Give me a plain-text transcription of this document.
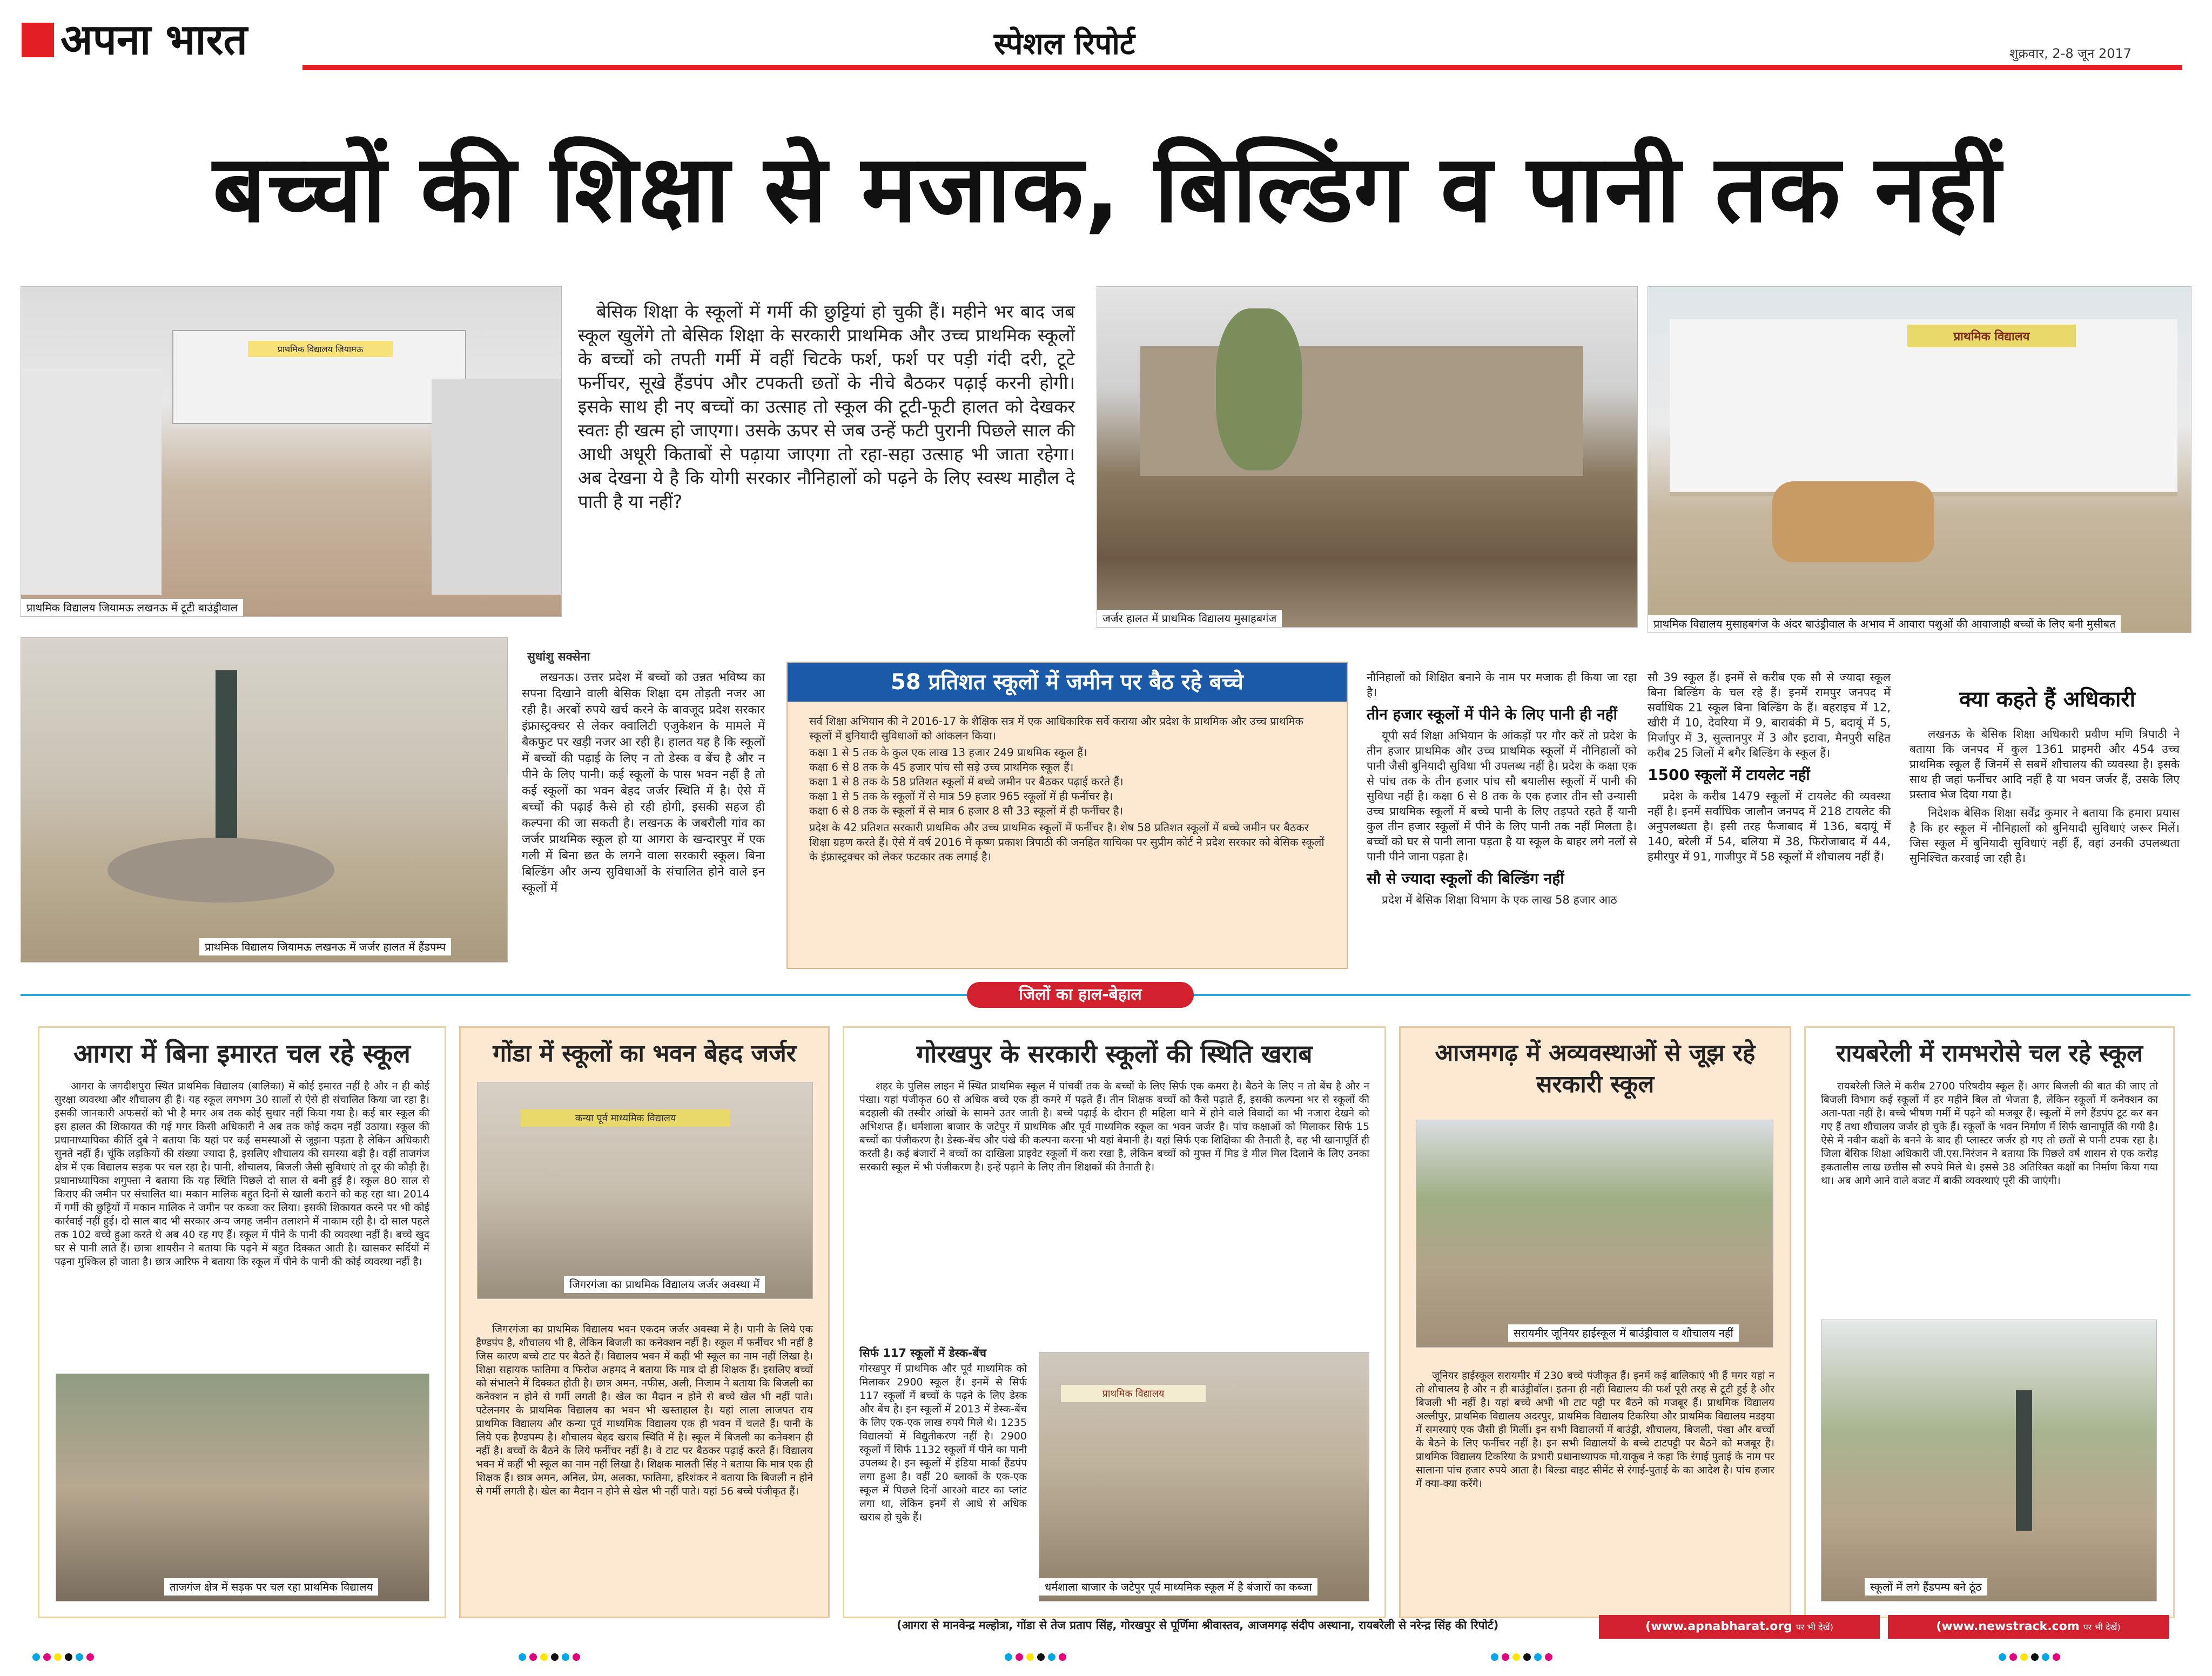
अपना भारत	स्पेशल रिपोर्ट	शुक्रवार, 2-8 जून 2017
बच्चों की शिक्षा से मजाक, बिल्डिंग व पानी तक नहीं
प्राथमिक विद्यालय जियामऊ
प्राथमिक विद्यालय जियामऊ लखनऊ में टूटी बाउंड्रीवाल

बेसिक शिक्षा के स्कूलों में गर्मी की छुट्टियां हो चुकी हैं। महीने भर बाद जब स्कूल खुलेंगे तो बेसिक शिक्षा के सरकारी प्राथमिक और उच्च प्राथमिक स्कूलों के बच्चों को तपती गर्मी में वहीं चिटके फर्श, फर्श पर पड़ी गंदी दरी, टूटे फर्नीचर, सूखे हैंडपंप और टपकती छतों के नीचे बैठकर पढ़ाई करनी होगी। इसके साथ ही नए बच्चों का उत्साह तो स्कूल की टूटी-फूटी हालत को देखकर स्वतः ही खत्म हो जाएगा। उसके ऊपर से जब उन्हें फटी पुरानी पिछले साल की आधी अधूरी किताबों से पढ़ाया जाएगा तो रहा-सहा उत्साह भी जाता रहेगा। अब देखना ये है कि योगी सरकार नौनिहालों को पढ़ने के लिए स्वस्थ माहौल दे पाती है या नहीं?

जर्जर हालत में प्राथमिक विद्यालय मुसाहबगंज
प्राथमिक विद्यालय
प्राथमिक विद्यालय मुसाहबगंज के अंदर बाउंड्रीवाल के अभाव में आवारा पशुओं की आवाजाही बच्चों के लिए बनी मुसीबत
प्राथमिक विद्यालय जियामऊ लखनऊ में जर्जर हालत में हैंडपम्प
सुधांशु सक्सेना

लखनऊ। उत्तर प्रदेश में बच्चों को उन्नत भविष्य का सपना दिखाने वाली बेसिक शिक्षा दम तोड़ती नजर आ रही है। अरबों रुपये खर्च करने के बावजूद प्रदेश सरकार इंफ्रास्ट्रक्चर से लेकर क्वालिटी एजुकेशन के मामले में बैकफुट पर खड़ी नजर आ रही है। हालत यह है कि स्कूलों में बच्चों की पढ़ाई के लिए न तो डेस्क व बेंच है और न पीने के लिए पानी। कई स्कूलों के पास भवन नहीं है तो कई स्कूलों का भवन बेहद जर्जर स्थिति में है। ऐसे में बच्चों की पढ़ाई कैसे हो रही होगी, इसकी सहज ही कल्पना की जा सकती है। लखनऊ के जबरौली गांव का जर्जर प्राथमिक स्कूल हो या आगरा के खन्दारपुर में एक गली में बिना छत के लगने वाला सरकारी स्कूल। बिना बिल्डिंग और अन्य सुविधाओं के संचालित होने वाले इन स्कूलों में

58 प्रतिशत स्कूलों में जमीन पर बैठ रहे बच्चे
सर्व शिक्षा अभियान की ने 2016-17 के शैक्षिक सत्र में एक आधिकारिक सर्वे कराया और प्रदेश के प्राथमिक और उच्च प्राथमिक स्कूलों में बुनियादी सुविधाओं को आंकलन किया।
कक्षा 1 से 5 तक के कुल एक लाख 13 हजार 249 प्राथमिक स्कूल हैं।
कक्षा 6 से 8 तक के 45 हजार पांच सौ सड़े उच्च प्राथमिक स्कूल हैं।
कक्षा 1 से 8 तक के 58 प्रतिशत स्कूलों में बच्चे जमीन पर बैठकर पढ़ाई करते हैं।
कक्षा 1 से 5 तक के स्कूलों में से मात्र 59 हजार 965 स्कूलों में ही फर्नीचर है।
कक्षा 6 से 8 तक के स्कूलों में से मात्र 6 हजार 8 सौ 33 स्कूलों में ही फर्नीचर है।
प्रदेश के 42 प्रतिशत सरकारी प्राथमिक और उच्च प्राथमिक स्कूलों में फर्नीचर है। शेष 58 प्रतिशत स्कूलों में बच्चे जमीन पर बैठकर शिक्षा ग्रहण करते हैं। ऐसे में वर्ष 2016 में कृष्ण प्रकाश त्रिपाठी की जनहित याचिका पर सुप्रीम कोर्ट ने प्रदेश सरकार को बेसिक स्कूलों के इंफ्रास्ट्रक्चर को लेकर फटकार तक लगाई है।
नौनिहालों को शिक्षित बनाने के नाम पर मजाक ही किया जा रहा है।
तीन हजार स्कूलों में पीने के लिए पानी ही नहीं
यूपी सर्व शिक्षा अभियान के आंकड़ों पर गौर करें तो प्रदेश के तीन हजार प्राथमिक और उच्च प्राथमिक स्कूलों में नौनिहालों को पानी जैसी बुनियादी सुविधा भी उपलब्ध नहीं है। प्रदेश के कक्षा एक से पांच तक के तीन हजार पांच सौ बयालीस स्कूलों में पानी की सुविधा नहीं है। कक्षा 6 से 8 तक के एक हजार तीन सौ उन्यासी उच्च प्राथमिक स्कूलों में बच्चे पानी के लिए तड़पते रहते हैं यानी कुल तीन हजार स्कूलों में पीने के लिए पानी तक नहीं मिलता है। बच्चों को घर से पानी लाना पड़ता है या स्कूल के बाहर लगे नलों से पानी पीने जाना पड़ता है।
सौ से ज्यादा स्कूलों की बिल्डिंग नहीं
प्रदेश में बेसिक शिक्षा विभाग के एक लाख 58 हजार आठ
सौ 39 स्कूल हैं। इनमें से करीब एक सौ से ज्यादा स्कूल बिना बिल्डिंग के चल रहे हैं। इनमें रामपुर जनपद में सर्वाधिक 21 स्कूल बिना बिल्डिंग के हैं। बहराइच में 12, खीरी में 10, देवरिया में 9, बाराबंकी में 5, बदायूं में 5, मिर्जापुर में 3, सुल्तानपुर में 3 और इटावा, मैनपुरी सहित करीब 25 जिलों में बगैर बिल्डिंग के स्कूल हैं।
1500 स्कूलों में टायलेट नहीं
प्रदेश के करीब 1479 स्कूलों में टायलेट की व्यवस्था नहीं है। इनमें सर्वाधिक जालौन जनपद में 218 टायलेट की अनुपलब्धता है। इसी तरह फैजाबाद में 136, बदायूं में 140, बरेली में 54, बलिया में 38, फिरोजाबाद में 44, हमीरपुर में 91, गाजीपुर में 58 स्कूलों में शौचालय नहीं हैं।
क्या कहते हैं अधिकारी

लखनऊ के बेसिक शिक्षा अधिकारी प्रवीण मणि त्रिपाठी ने बताया कि जनपद में कुल 1361 प्राइमरी और 454 उच्च प्राथमिक स्कूल हैं जिनमें से सबमें शौचालय की व्यवस्था है। इसके साथ ही जहां फर्नीचर आदि नहीं है या भवन जर्जर हैं, उसके लिए प्रस्ताव भेज दिया गया है।

निदेशक बेसिक शिक्षा सर्वेंद्र कुमार ने बताया कि हमारा प्रयास है कि हर स्कूल में नौनिहालों को बुनियादी सुविधाएं जरूर मिलें। जिस स्कूल में बुनियादी सुविधाएं नहीं हैं, वहां उनकी उपलब्धता सुनिश्चित करवाई जा रही है।

जिलों का हाल-बेहाल
आगरा में बिना इमारत चल रहे स्कूल

आगरा के जगदीशपुरा स्थित प्राथमिक विद्यालय (बालिका) में कोई इमारत नहीं है और न ही कोई सुरक्षा व्यवस्था और शौचालय ही है। यह स्कूल लगभग 30 सालों से ऐसे ही संचालित किया जा रहा है। इसकी जानकारी अफसरों को भी है मगर अब तक कोई सुधार नहीं किया गया है। कई बार स्कूल की इस हालत की शिकायत की गई मगर किसी अधिकारी ने अब तक कोई कदम नहीं उठाया। स्कूल की प्रधानाध्यापिका कीर्ति दुबे ने बताया कि यहां पर कई समस्याओं से जूझना पड़ता है लेकिन अधिकारी सुनते नहीं हैं। चूंकि लड़कियों की संख्या ज्यादा है, इसलिए शौचालय की समस्या बड़ी है। वहीं ताजगंज क्षेत्र में एक विद्यालय सड़क पर चल रहा है। पानी, शौचालय, बिजली जैसी सुविधाएं तो दूर की कौड़ी हैं। प्रधानाध्यापिका शगुफ्ता ने बताया कि यह स्थिति पिछले दो साल से बनी हुई है। स्कूल 80 साल से किराए की जमीन पर संचालित था। मकान मालिक बहुत दिनों से खाली कराने को कह रहा था। 2014 में गर्मी की छुट्टियों में मकान मालिक ने जमीन पर कब्जा कर लिया। इसकी शिकायत करने पर भी कोई कार्रवाई नहीं हुई। दो साल बाद भी सरकार अन्य जगह जमीन तलाशने में नाकाम रही है। दो साल पहले तक 102 बच्चे हुआ करते थे अब 40 रह गए हैं। स्कूल में पीने के पानी की व्यवस्था नहीं है। बच्चे खुद घर से पानी लाते हैं। छात्रा शायरीन ने बताया कि पढ़ने में बहुत दिक्कत आती है। खासकर सर्दियों में पढ़ना मुश्किल हो जाता है। छात्र आरिफ ने बताया कि स्कूल में पीने के पानी की कोई व्यवस्था नहीं है।

ताजगंज क्षेत्र में सड़क पर चल रहा प्राथमिक विद्यालय
गोंडा में स्कूलों का भवन बेहद जर्जर
कन्या पूर्व माध्यमिक विद्यालय
जिगरगंजा का प्राथमिक विद्यालय जर्जर अवस्था में

जिगरगंजा का प्राथमिक विद्यालय भवन एकदम जर्जर अवस्था में है। पानी के लिये एक हैण्डपंप है, शौचालय भी है, लेकिन बिजली का कनेक्शन नहीं है। स्कूल में फर्नीचर भी नहीं है जिस कारण बच्चे टाट पर बैठते हैं। विद्यालय भवन में कहीं भी स्कूल का नाम नहीं लिखा है। शिक्षा सहायक फातिमा व फिरोज अहमद ने बताया कि मात्र दो ही शिक्षक हैं। इसलिए बच्चों को संभालने में दिक्कत होती है। छात्र अमन, नफीस, अली, निजाम ने बताया कि बिजली का कनेक्शन न होने से गर्मी लगती है। खेल का मैदान न होने से बच्चे खेल भी नहीं पाते। पटेलनगर के प्राथमिक विद्यालय का भवन भी खस्ताहाल है। यहां लाला लाजपत राय प्राथमिक विद्यालय और कन्या पूर्व माध्यमिक विद्यालय एक ही भवन में चलते हैं। पानी के लिये एक हैण्डपम्प है। शौचालय बेहद खराब स्थिति में है। स्कूल में बिजली का कनेक्शन ही नहीं है। बच्चों के बैठने के लिये फर्नीचर नहीं है। वे टाट पर बैठकर पढ़ाई करते हैं। विद्यालय भवन में कहीं भी स्कूल का नाम नहीं लिखा है। शिक्षक मालती सिंह ने बताया कि मात्र एक ही शिक्षक हैं। छात्र अमन, अनिल, प्रेम, अलका, फातिमा, हरिशंकर ने बताया कि बिजली न होने से गर्मी लगती है। खेल का मैदान न होने से खेल भी नहीं पाते। यहां 56 बच्चे पंजीकृत हैं।

गोरखपुर के सरकारी स्कूलों की स्थिति खराब

शहर के पुलिस लाइन में स्थित प्राथमिक स्कूल में पांचवीं तक के बच्चों के लिए सिर्फ एक कमरा है। बैठने के लिए न तो बेंच है और न पंखा। यहां पंजीकृत 60 से अधिक बच्चे एक ही कमरे में पढ़ते हैं। तीन शिक्षक बच्चों को कैसे पढ़ाते हैं, इसकी कल्पना भर से स्कूलों की बदहाली की तस्वीर आंखों के सामने उतर जाती है। बच्चे पढ़ाई के दौरान ही महिला थाने में होने वाले विवादों का भी नजारा देखने को अभिशप्त हैं। धर्मशाला बाजार के जटेपुर में प्राथमिक और पूर्व माध्यमिक स्कूल का भवन जर्जर है। पांच कक्षाओं को मिलाकर सिर्फ 15 बच्चों का पंजीकरण है। डेस्क-बेंच और पंखे की कल्पना करना भी यहां बेमानी है। यहां सिर्फ एक शिक्षिका की तैनाती है, वह भी खानापूर्ति ही करती है। कई बंजारों ने बच्चों का दाखिला प्राइवेट स्कूलों में करा रखा है, लेकिन बच्चों को मुफ्त में मिड डे मील मिल दिलाने के लिए उनका सरकारी स्कूल में भी पंजीकरण है। इन्हें पढ़ाने के लिए तीन शिक्षकों की तैनाती है।

सिर्फ 117 स्कूलों में डेस्क-बेंच
गोरखपुर में प्राथमिक और पूर्व माध्यमिक को मिलाकर 2900 स्कूल हैं। इनमें से सिर्फ 117 स्कूलों में बच्चों के पढ़ने के लिए डेस्क और बेंच है। इन स्कूलों में 2013 में डेस्क-बेंच के लिए एक-एक लाख रुपये मिले थे। 1235 विद्यालयों में विद्युतीकरण नहीं है। 2900 स्कूलों में सिर्फ 1132 स्कूलों में पीने का पानी उपलब्ध है। इन स्कूलों में इंडिया मार्का हैंडपंप लगा हुआ है। वहीं 20 ब्लाकों के एक-एक स्कूल में पिछले दिनों आरओ वाटर का प्लांट लगा था, लेकिन इनमें से आधे से अधिक खराब हो चुके हैं।
प्राथमिक विद्यालय
धर्मशाला बाजार के जटेपुर पूर्व माध्यमिक स्कूल में है बंजारों का कब्जा
आजमगढ़ में अव्यवस्थाओं से जूझ रहे सरकारी स्कूल
सरायमीर जूनियर हाईस्कूल में बाउंड्रीवाल व शौचालय नहीं

जूनियर हाईस्कूल सरायमीर में 230 बच्चे पंजीकृत हैं। इनमें कई बालिकाएं भी हैं मगर यहां न तो शौचालय है और न ही बाउंड्रीवॉल। इतना ही नहीं विद्यालय की फर्श पूरी तरह से टूटी हुई है और बिजली भी नहीं है। यहां बच्चे अभी भी टाट पट्टी पर बैठने को मजबूर हैं। प्राथमिक विद्यालय अल्लीपुर, प्राथमिक विद्यालय अदरपुर, प्राथमिक विद्यालय टिकरिया और प्राथमिक विद्यालय मडइया में समस्याएं एक जैसी ही मिलीं। इन सभी विद्यालयों में बाउंड्री, शौचालय, बिजली, पंखा और बच्चों के बैठने के लिए फर्नीचर नहीं है। इन सभी विद्यालयों के बच्चे टाटपट्टी पर बैठने को मजबूर हैं। प्राथमिक विद्यालय टिकरिया के प्रभारी प्रधानाध्यापक मो.याकूब ने कहा कि रंगाई पुताई के नाम पर सालाना पांच हजार रुपये आता है। बिल्डा वाइट सीमेंट से रंगाई-पुताई के का आदेश है। पांच हजार में क्या-क्या करेंगे।

रायबरेली में रामभरोसे चल रहे स्कूल

रायबरेली जिले में करीब 2700 परिषदीय स्कूल हैं। अगर बिजली की बात की जाए तो बिजली विभाग कई स्कूलों में हर महीने बिल तो भेजता है, लेकिन स्कूलों में कनेक्शन का अता-पता नहीं है। बच्चे भीषण गर्मी में पढ़ने को मजबूर हैं। स्कूलों में लगे हैंडपंप टूट कर बन गए हैं तथा शौचालय जर्जर हो चुके हैं। स्कूलों के भवन निर्माण में सिर्फ खानापूर्ति की गयी है। ऐसे में नवीन कक्षों के बनने के बाद ही प्लास्टर जर्जर हो गए तो छतों से पानी टपक रहा है। जिला बेसिक शिक्षा अधिकारी जी.एस.निरंजन ने बताया कि पिछले वर्ष शासन से एक करोड़ इकतालीस लाख छत्तीस सौ रुपये मिले थे। इससे 38 अतिरिक्त कक्षों का निर्माण किया गया था। अब आगे आने वाले बजट में बाकी व्यवस्थाएं पूरी की जाएंगी।

स्कूलों में लगे हैंडपम्प बने ठूंठ
(आगरा से मानवेन्द्र मल्होत्रा, गोंडा से तेज प्रताप सिंह, गोरखपुर से पूर्णिमा श्रीवास्तव, आजमगढ़ संदीप अस्थाना, रायबरेली से नरेन्द्र सिंह की रिपोर्ट)	(www.apnabharat.org पर भी देखें)	(www.newstrack.com पर भी देखें)
